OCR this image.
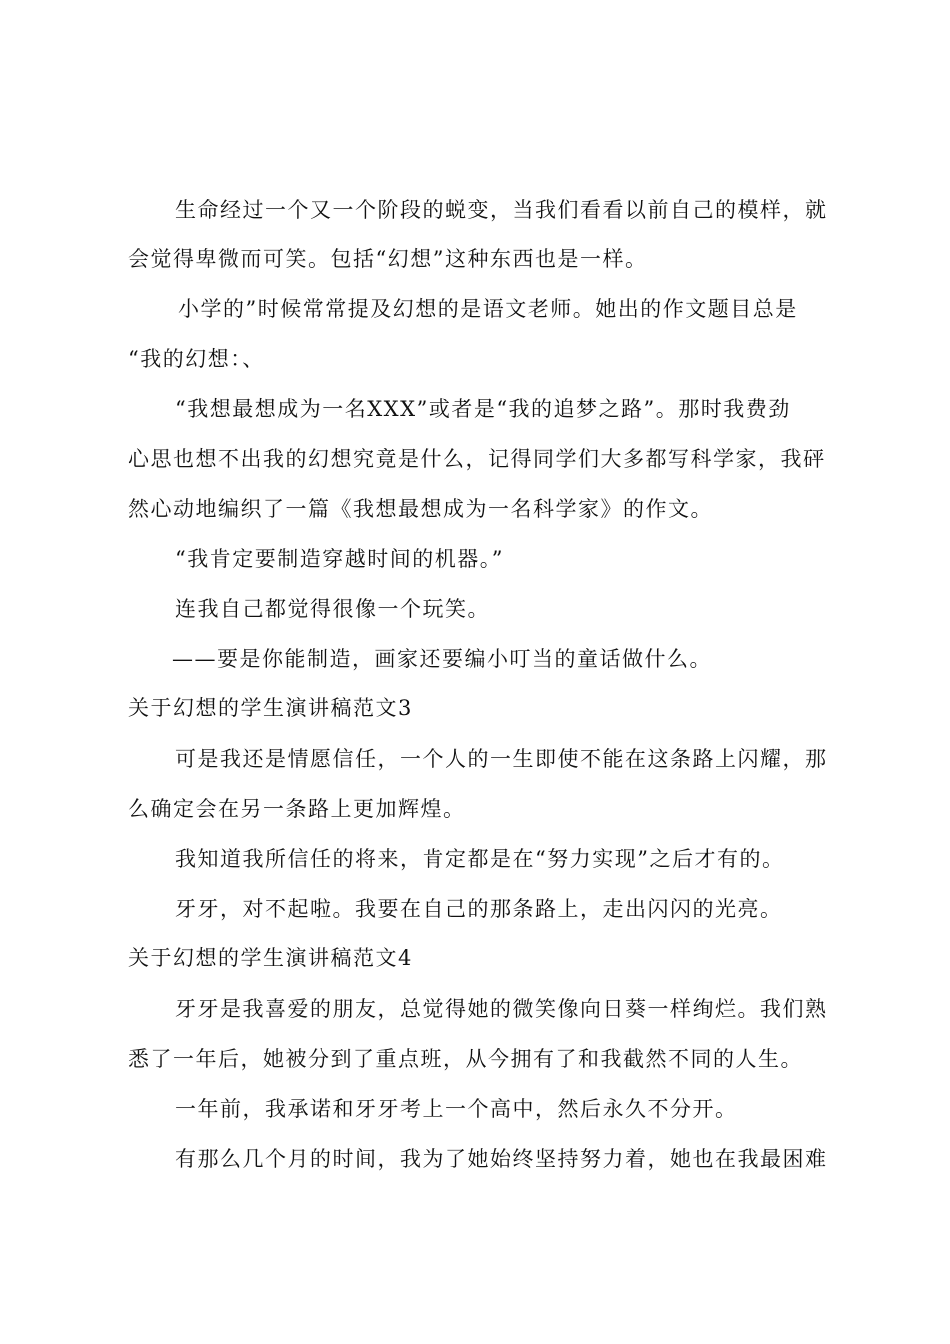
生命经过一个又一个阶段的蜕变，当我们看看以前自己的模样，就
会觉得卑微而可笑。包括“幻想”这种东西也是一样。
小学的”时候常常提及幻想的是语文老师。她出的作文题目总是
“我的幻想：、
“我想最想成为一名XXX”或者是“我的追梦之路”。那时我费劲
心思也想不出我的幻想究竟是什么，记得同学们大多都写科学家，我砰
然心动地编织了一篇《我想最想成为一名科学家》的作文。
“我肯定要制造穿越时间的机器。”
连我自己都觉得很像一个玩笑。
——要是你能制造，画家还要编小叮当的童话做什么。
关于幻想的学生演讲稿范文3
可是我还是情愿信任，一个人的一生即使不能在这条路上闪耀，那
么确定会在另一条路上更加辉煌。
我知道我所信任的将来，肯定都是在“努力实现”之后才有的。
牙牙，对不起啦。我要在自己的那条路上，走出闪闪的光亮。
关于幻想的学生演讲稿范文4
牙牙是我喜爱的朋友，总觉得她的微笑像向日葵一样绚烂。我们熟
悉了一年后，她被分到了重点班，从今拥有了和我截然不同的人生。
一年前，我承诺和牙牙考上一个高中，然后永久不分开。
有那么几个月的时间，我为了她始终坚持努力着，她也在我最困难
